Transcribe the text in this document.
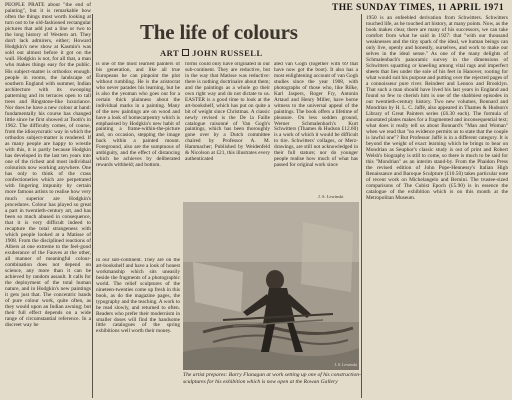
THE SUNDAY TIMES, 11 APRIL 1971
PEOPLE PRATE about "the end of painting", but it is remarkable how often the things most worth looking at turn out to be old-fashioned rectangular pictures that add just a line or two to the long history of Western art. They don't lack admirers, either; Howard Hodgkin's new show at Kasmin's was sold out almost before it got on the wall. Hodgkin is not, for all that, a man who makes things easy for the public. His subject-matter is orthodox enough: people in rooms, the landscape of southern England with summer, Indian architecture with its swooping patterning and its terraces open to tall trees and Ringstone-like luxuriance. Nor does he have a new colour at hand: fundamentally his course has changed little since he first showed at Tooth's in 1962. The difficulty comes, of course, from the idiosyncratic way in which the orthodox subject-matter is rendered. If as many people are happy to wrestle with this, it is partly because Hodgkin has developed in the last ten years into one of the richest and most individual colourists now working anywhere. One has only to think of the crass confectioneries which are perpetrated with lingering impunity by certain more famous artists to realise how very much superior are Hodgkin's procedures. Colour has played so great a part in twentieth-century art, and has been so much abused in consequence, that it is very difficult indeed to recapture the total strangeness with which people looked at a Matisse of 1908. From the disciplined reactions of Albers at one extreme to the feel-good exuberance of the Fauves at the other, all manner of meaningful colour-combination does not depend on science, any more than it can be achieved by random assault. It calls for the deployment of the total human nature, and in Hodgkin's new paintings it gets just that. The concentric bands of pure colour work, quite often, as they would upon an Indian awning; but their full effect depends on a wide range of circumstantial reference. In a discreet way he
The life of colours
ART JOHN RUSSELL
is one of the most learned painters of his generation, and like all true Europeans he can pinpoint the plot without rumbling. He is the aristocrat who never parades his learning, but he is also the yeoman who goes out for a certain thick plainness about the individual marks in a painting. Many of the new paintings are on wood and have a look of homecarpentry which is emphasised by Hodgkin's new habit of painting a frame-within-the-picture and, on occasion, stepping the image back within a painted mount. Foreground, also are the sumptuous of ambiguity, and the effect of distancing which he achieves by deliberated rewards withheld; and bottom.
forms could only have originated in our sub-continent. They are reductive, but in the way that Matisse was reductive: there is nothing doctrinaire about them; and the paintings as a whole go their own right way and do not dictate to us. EASTER is a good time to look at the art-bookshelf, which has put on quite a bit of weight since Christmas. A classic newly revised is the De la Faille catalogue raisonné of Van Gogh's paintings, which has been thoroughly gone over by a Dutch committee chaired by Professor A. M. Hammacher; Published by Weidenfeld & Nicolson at £21, this illustrates every authenticated
ated van Gogh (together with 69 that have now got the boot). It also has a most enlightening account of van Gogh studies since the year 1908, with photographs of those who, like Rilke, Karl Jaspers, Roger Fry, Antonin Artaud and Henry Miller, have borne witness to the universal appeal of the paintings. The book offers a lifetime of pleasure. On less sodden ground, Werner Schmalenbach's Kurt Schwitters (Thames & Hudson £12.60) is a work of which it would be difficult to tire. Schwitters' collages, or Merz-drawings, are still not acknowledged in their full stature; nor do younger people realise how much of what has passed for original work since
in our sub-continent. They are on the art-bookshelf and have a look of honest workmanship which sits uneasily beside the fragments of a photographic world. The relief sculptures of the nineteen-twenties come up fresh in this book, as do the magazine pages, the typography and the teaching. A work to be read slowly, and returned to often. Readers who prefer their modernism in smaller doses will find the handsome little catalogues of the spring exhibitions well worth their money.
1950 is an enfeebled derivation from Schwitters. Schwitters touched life, as he touched art history, at many points. Now, as the book makes clear, there are many of his successors, we can take comfort from what he said in 1927: that "with our thousand weaknesses and the tiny spark of the ideal, we human beings can only live, openly and honestly, ourselves, and work to make our selves in the ideal sense." As one of the many delights of Schmalenbach's panoramic survey in the dimensions of Schwitters squatting or kneeling among vital rags and imperfect sheets that lies under the sole of his feet in Hanover, rooting for what would suit his purpose and putting over the rejected pages of a connoisseur pure river. Reindeer and Lennox and Brooklyn. That such a man should have lived his last years in England and found so few to cherish him is one of the shabbiest episodes in our twentieth-century history. Two new volumes, Bonnard and Mondrian by H. L. C. Jaffé, also appeared in Thames & Hudson's Library of Great Painters series (£6.30 each). The formula of annotated plates makes for a fragmented and inconsequential text; what does it really tell us about Bonnard's "Man and Woman" when we read that "no evidence permits us to state that the couple is lawful one"? But Professor Jaffé is in a different category. It is beyond the weight of exact learning which he brings to bear on Mondrian as Seuphor's classic study is out of print and Robert Welsh's biography is still to come, so there is much to be said for this "Mondrian" as an interim stand-by. From the Phaidon Press the revised edition of John Pope-Hennessy's Italian High Renaissance and Baroque Sculpture (£10.50) takes particular note of recent work on Michelangelo and Bernini. The trustee-sized comparisons of The Cubist Epoch (£5.90) is in essence the catalogue of the exhibition which is on this month at the Metropolitan Museum.
J. S. Lewinski
J. S. Lewinski
The artist prepares: Barry Flanagan at work setting up one of his construction-sculptures for his exhibition which is now open at the Rowan Gallery
